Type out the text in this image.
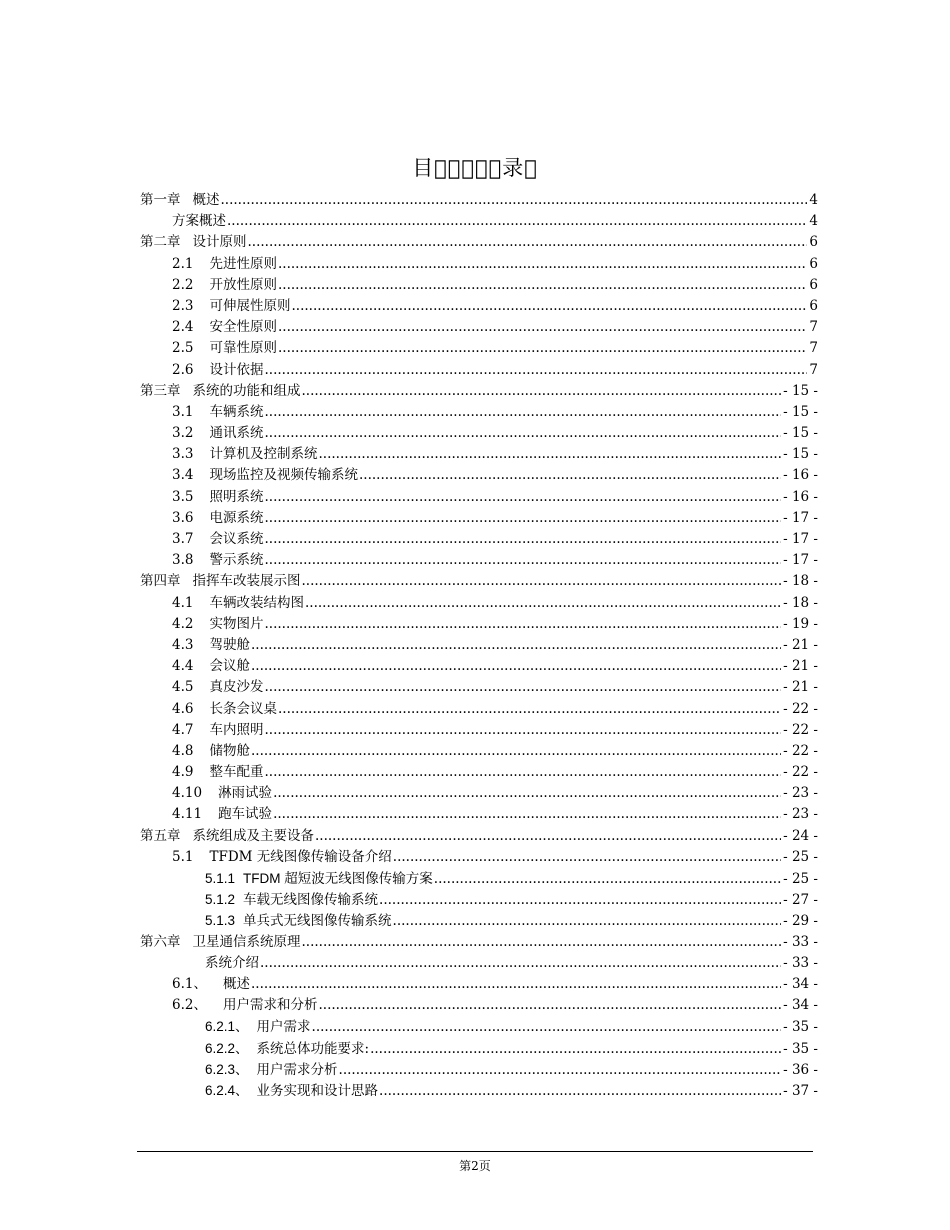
目     录 
第一章 概述 .....	4
方案概述 .....	4
第二章 设计原则 .....	6
2.1 先进性原则 .....	6
2.2 开放性原则 .....	6
2.3 可伸展性原则 .....	6
2.4 安全性原则 .....	7
2.5 可靠性原则 .....	7
2.6 设计依据 .....	7
第三章 系统的功能和组成 .....	- 15 -
3.1 车辆系统 .....	- 15 -
3.2 通讯系统 .....	- 15 -
3.3 计算机及控制系统 .....	- 15 -
3.4 现场监控及视频传输系统 .....	- 16 -
3.5 照明系统 .....	- 16 -
3.6 电源系统 .....	- 17 -
3.7 会议系统 .....	- 17 -
3.8 警示系统 .....	- 17 -
第四章 指挥车改装展示图 .....	- 18 -
4.1 车辆改装结构图 .....	- 18 -
4.2 实物图片 .....	- 19 -
4.3 驾驶舱 .....	- 21 -
4.4 会议舱 .....	- 21 -
4.5 真皮沙发 .....	- 21 -
4.6 长条会议桌 .....	- 22 -
4.7 车内照明 .....	- 22 -
4.8 储物舱 .....	- 22 -
4.9 整车配重 .....	- 22 -
4.10 淋雨试验 .....	- 23 -
4.11 跑车试验 .....	- 23 -
第五章 系统组成及主要设备 .....	- 24 -
5.1 TFDM 无线图像传输设备介绍 .....	- 25 -
5.1.1 TFDM 超短波无线图像传输方案 .....	- 25 -
5.1.2 车载无线图像传输系统 .....	- 27 -
5.1.3 单兵式无线图像传输系统 .....	- 29 -
第六章 卫星通信系统原理 .....	- 33 -
系统介绍 .....	- 33 -
6.1、 概述 .....	- 34 -
6.2、 用户需求和分析 .....	- 34 -
6.2.1、 用户需求 .....	- 35 -
6.2.2、 系统总体功能要求: .....	- 35 -
6.2.3、 用户需求分析 .....	- 36 -
6.2.4、 业务实现和设计思路 .....	- 37 -
第2页
